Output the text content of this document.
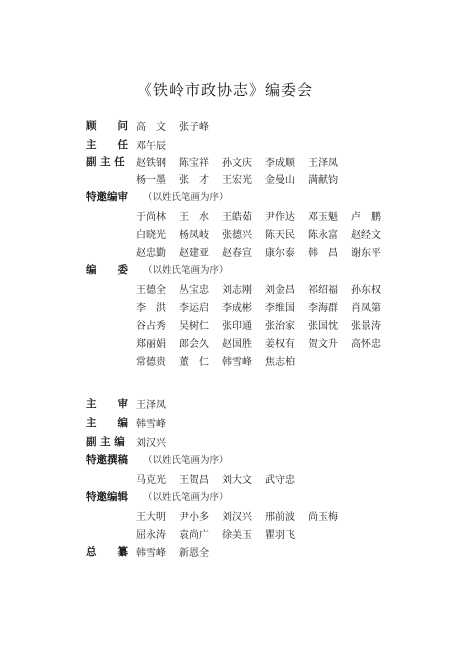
《铁岭市政协志》编委会
顾　　问 高　文 张子峰
主　　任 邓午辰
副 主 任	赵铁钢 陈宝祥 孙文庆 李成顺 王泽凤
杨一墨 张　才 王宏光 金曼山 满献钧
特邀编审	（以姓氏笔画为序）
于尚林 王　水 王皓茹 尹作达 邓玉魁 卢　鹏
白晓光 杨凤岐 张德兴 陈天民 陈永富 赵经文
赵忠勤 赵建亚 赵春宣 康尔泰 韩　昌 谢东平
编　　委	（以姓氏笔画为序）
王德全 丛宝忠 刘志刚 刘金昌 祁绍福 孙东权
李　洪 李运启 李成彬 李维国 李海群 肖凤第
谷占秀 吴树仁 张印通 张治家 张国忱 张景涛
郑丽娟 郎会久 赵国胜 姜权有 贺文升 高怀忠
常德贵 董　仁 韩雪峰 焦志柏
主　　审 王泽凤
主　　编 韩雪峰
副 主 编	刘汉兴
特邀撰稿	（以姓氏笔画为序）
马克光 王贺昌 刘大文 武守忠
特邀编辑	（以姓氏笔画为序）
王大明 尹小多 刘汉兴 邢前波 尚玉梅
屈永涛 袁尚广 徐美玉 瞿羽飞
总　　纂 韩雪峰 新恩全
